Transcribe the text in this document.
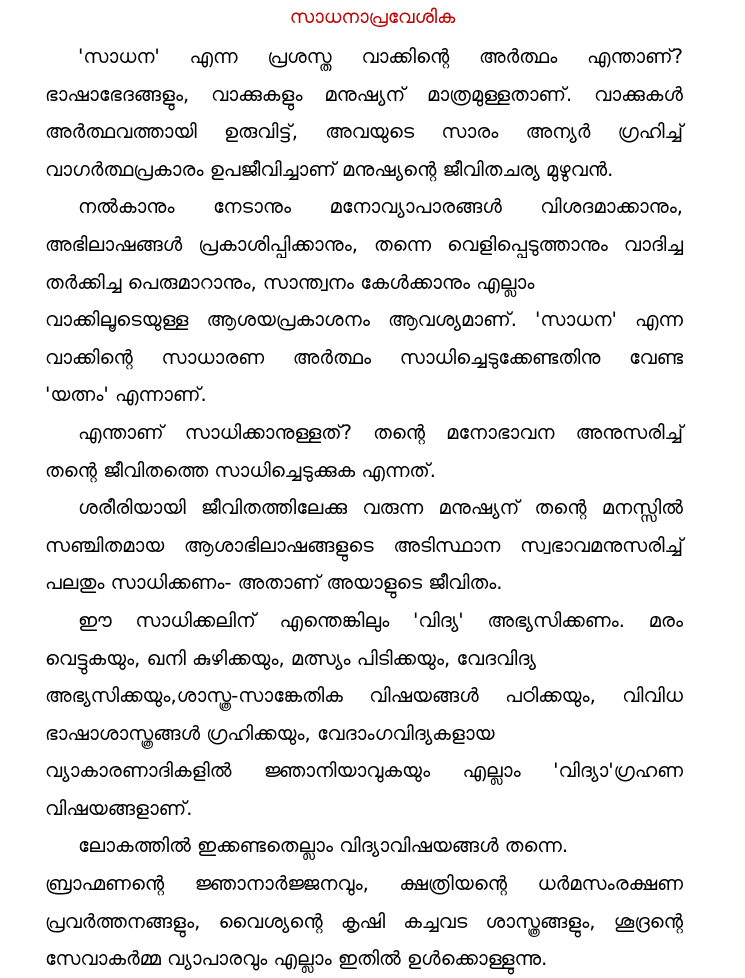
സാധനാപ്രവേശിക
'സാധന' എന്ന പ്രശസ്ത വാക്കിന്റെ അർത്ഥം എന്താണ്?
ഭാഷാഭേദങ്ങളും, വാക്കുകളും മനുഷ്യന് മാത്രമുള്ളതാണ്. വാക്കുകൾ
അർത്ഥവത്തായി ഉരുവിട്ട്, അവയുടെ സാരം അന്യർ ഗ്രഹിച്ച്
വാഗർത്ഥപ്രകാരം ഉപജീവിച്ചാണ് മനുഷ്യന്റെ ജീവിതചര്യ മുഴുവൻ.
നൽകാനും നേടാനും മനോവ്യാപാരങ്ങൾ വിശദമാക്കാനും,
അഭിലാഷങ്ങൾ പ്രകാശിപ്പിക്കാനും, തന്നെ വെളിപ്പെടുത്താനും വാദിച്ച
തർക്കിച്ച പെരുമാറാനും, സാന്ത്വനം കേൾക്കാനും എല്ലാം
വാക്കിലൂടെയുള്ള ആശയപ്രകാശനം ആവശ്യമാണ്. 'സാധന' എന്ന
വാക്കിന്റെ സാധാരണ അർത്ഥം സാധിച്ചെടുക്കേണ്ടതിനു വേണ്ട
'യത്നം' എന്നാണ്.
എന്താണ് സാധിക്കാനുള്ളത്? തന്റെ മനോഭാവന അനുസരിച്ച്
തന്റെ ജീവിതത്തെ സാധിച്ചെടുക്കുക എന്നത്.
ശരീരിയായി ജീവിതത്തിലേക്കു വരുന്ന മനുഷ്യന് തന്റെ മനസ്സിൽ
സഞ്ചിതമായ ആശാഭിലാഷങ്ങളുടെ അടിസ്ഥാന സ്വഭാവമനുസരിച്ച്
പലതും സാധിക്കണം- അതാണ് അയാളുടെ ജീവിതം.
ഈ സാധിക്കലിന് എന്തെങ്കിലും 'വിദ്യ' അഭ്യസിക്കണം. മരം
വെട്ടുകയും, ഖനി കുഴിക്കയും, മത്സ്യം പിടിക്കയും, വേദവിദ്യ
അഭ്യസിക്കയും,ശാസ്ത്ര-സാങ്കേതിക വിഷയങ്ങൾ പഠിക്കയും, വിവിധ
ഭാഷാശാസ്ത്രങ്ങൾ ഗ്രഹിക്കയും, വേദാംഗവിദ്യകളായ
വ്യാകാരണാദികളിൽ ജ്ഞാനിയാവുകയും എല്ലാം 'വിദ്യാ'ഗ്രഹണ
വിഷയങ്ങളാണ്.
ലോകത്തിൽ ഇക്കണ്ടതെല്ലാം വിദ്യാവിഷയങ്ങൾ തന്നെ.
ബ്രാഹ്മണന്റെ ജ്ഞാനാർജ്ജനവും, ക്ഷത്രിയന്റെ ധർമസംരക്ഷണ
പ്രവർത്തനങ്ങളും, വൈശ്യന്റെ കൃഷി കച്ചവട ശാസ്ത്രങ്ങളും, ശൂദ്രന്റെ
സേവാകർമ്മ വ്യാപാരവും എല്ലാം ഇതിൽ ഉൾക്കൊള്ളുന്നു.
